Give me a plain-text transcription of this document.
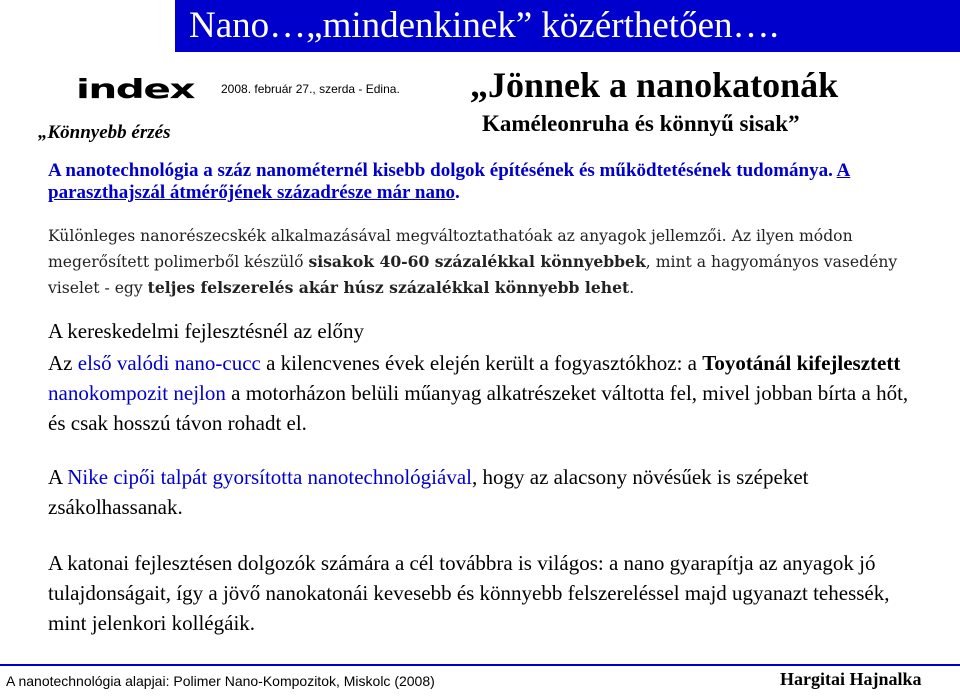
Nano…„mindenkinek” közérthetően….
index 2008. február 27., szerda - Edina. „Jönnek a nanokatonák
Kaméleonruha és könnyű sisak”
„Könnyebb érzés
A nanotechnológia a száz nanométernél kisebb dolgok építésének és működtetésének tudománya. A paraszthajszál átmérőjének századrésze már nano.
Különleges nanorészecskék alkalmazásával megváltoztathatóak az anyagok jellemzői. Az ilyen módon megerősített polimerből készülő sisakok 40-60 százalékkal könnyebbek, mint a hagyományos vasedény viselet - egy teljes felszerelés akár húsz százalékkal könnyebb lehet.
A kereskedelmi fejlesztésnél az előny
Az első valódi nano-cucc a kilencvenes évek elején került a fogyasztókhoz: a Toyotánál kifejlesztett nanokompozit nejlon a motorházon belüli műanyag alkatrészeket váltotta fel, mivel jobban bírta a hőt, és csak hosszú távon rohadt el.
A Nike cipői talpát gyorsította nanotechnológiával, hogy az alacsony növésűek is szépeket zsákolhassanak.
A katonai fejlesztésen dolgozók számára a cél továbbra is világos: a nano gyarapítja az anyagok jó tulajdonságait, így a jövő nanokatonái kevesebb és könnyebb felszereléssel majd ugyanazt tehessék, mint jelenkori kollégáik.
A nanotechnológia alapjai: Polimer Nano-Kompozitok, Miskolc (2008)	Hargitai Hajnalka
